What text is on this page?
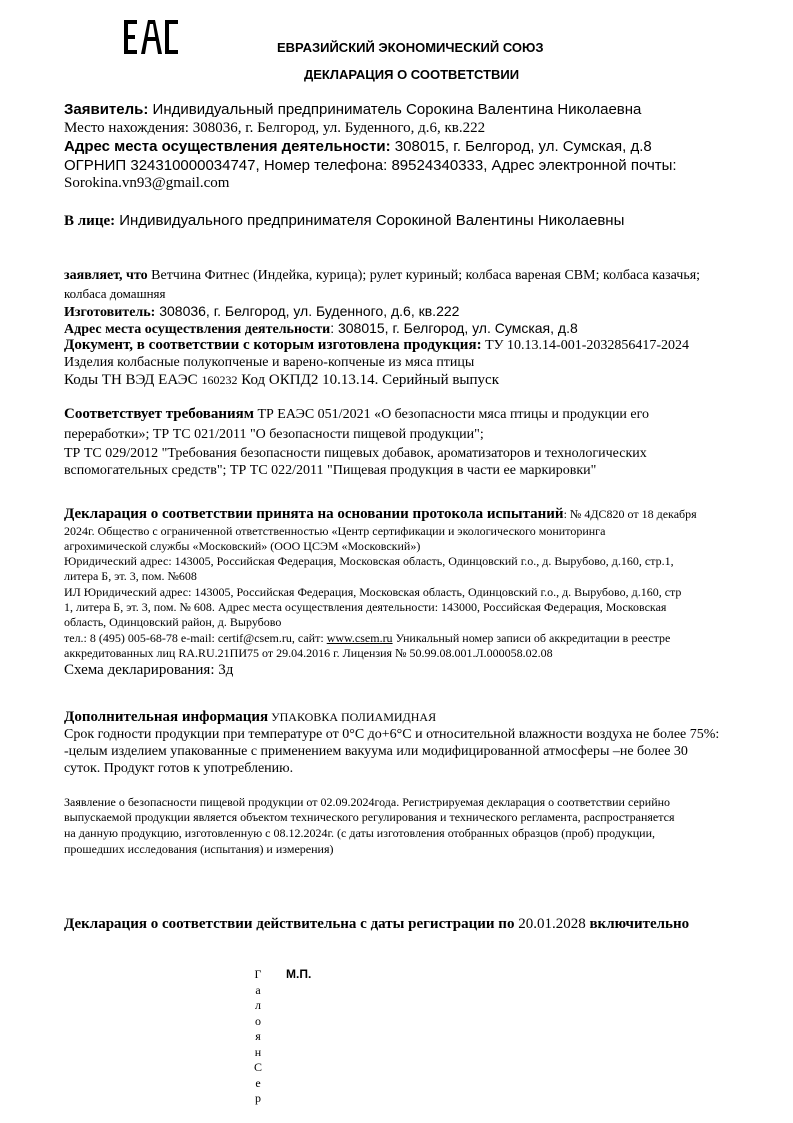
ЕВРАЗИЙСКИЙ ЭКОНОМИЧЕСКИЙ СОЮЗ
ДЕКЛАРАЦИЯ О СООТВЕТСТВИИ
Заявитель: Индивидуальный предприниматель Сорокина Валентина Николаевна
Место нахождения: 308036, г. Белгород, ул. Буденного, д.6, кв.222
Адрес места осуществления деятельности: 308015, г. Белгород, ул. Сумская, д.8
ОГРНИП 324310000034747, Номер телефона: 89524340333, Адрес электронной почты:
Sorokina.vn93@gmail.com
В лице: Индивидуального предпринимателя Сорокиной Валентины Николаевны
заявляет, что Ветчина Фитнес (Индейка, курица); рулет куриный; колбаса вареная СВМ; колбаса казачья;
колбаса домашняя
Изготовитель: 308036, г. Белгород, ул. Буденного, д.6, кв.222
Адрес места осуществления деятельности: 308015, г. Белгород, ул. Сумская, д.8
Документ, в соответствии с которым изготовлена продукция: ТУ 10.13.14-001-2032856417-2024
Изделия колбасные полукопченые и варено-копченые из мяса птицы
Коды ТН ВЭД ЕАЭС 160232 Код ОКПД2 10.13.14. Серийный выпуск
Соответствует требованиям ТР ЕАЭС 051/2021 «О безопасности мяса птицы и продукции его
переработки»; ТР ТС 021/2011 "О безопасности пищевой продукции";
ТР ТС 029/2012 "Требования безопасности пищевых добавок, ароматизаторов и технологических
вспомогательных средств"; ТР ТС 022/2011 "Пищевая продукция в части ее маркировки"
Декларация о соответствии принята на основании протокола испытаний: № 4ДС820 от 18 декабря
2024г. Общество с ограниченной ответственностью «Центр сертификации и экологического мониторинга
агрохимической службы «Московский» (ООО ЦСЭМ «Московский»)
Юридический адрес: 143005, Российская Федерация, Московская область, Одинцовский г.о., д. Вырубово, д.160, стр.1,
литера Б, эт. 3, пом. №608
ИЛ Юридический адрес: 143005, Российская Федерация, Московская область, Одинцовский г.о., д. Вырубово, д.160, стр
1, литера Б, эт. 3, пом. № 608. Адрес места осуществления деятельности: 143000, Российская Федерация, Московская
область, Одинцовский район, д. Вырубово
тел.: 8 (495) 005-68-78 e-mail: certif@csem.ru, сайт: www.csem.ru Уникальный номер записи об аккредитации в реестре
аккредитованных лиц RA.RU.21ПИ75 от 29.04.2016 г. Лицензия № 50.99.08.001.Л.000058.02.08
Схема декларирования: 3д
Дополнительная информация УПАКОВКА ПОЛИАМИДНАЯ
Срок годности продукции при температуре от 0°С до+6°С и относительной влажности воздуха не более 75%:
-целым изделием упакованные с применением вакуума или модифицированной атмосферы –не более 30
суток. Продукт готов к употреблению.
Заявление о безопасности пищевой продукции от 02.09.2024года. Регистрируемая декларация о соответствии серийно
выпускаемой продукции является объектом технического регулирования и технического регламента, распространяется
на данную продукцию, изготовленную с 08.12.2024г. (с даты изготовления отобранных образцов (проб) продукции,
прошедших исследования (испытания) и измерения)
Декларация о соответствии действительна с даты регистрации по 20.01.2028 включительно
ГалоянСер
М.П.
